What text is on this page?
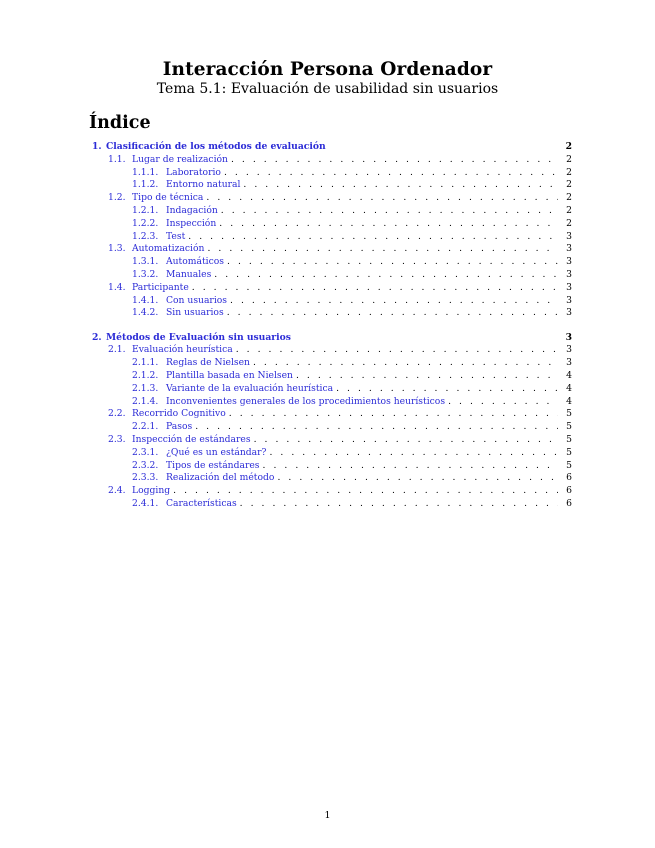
Interacción Persona Ordenador
Tema 5.1: Evaluación de usabilidad sin usuarios
Índice
1. Clasificación de los métodos de evaluación	2
1.1. Lugar de realización . . .	2
1.1.1. Laboratorio . . .	2
1.1.2. Entorno natural . . .	2
1.2. Tipo de técnica . . .	2
1.2.1. Indagación . . .	2
1.2.2. Inspección . . .	2
1.2.3. Test . . .	3
1.3. Automatización . . .	3
1.3.1. Automáticos . . .	3
1.3.2. Manuales . . .	3
1.4. Participante . . .	3
1.4.1. Con usuarios . . .	3
1.4.2. Sin usuarios . . .	3
2. Métodos de Evaluación sin usuarios	3
2.1. Evaluación heurística . . .	3
2.1.1. Reglas de Nielsen . . .	3
2.1.2. Plantilla basada en Nielsen . . .	4
2.1.3. Variante de la evaluación heurística . . .	4
2.1.4. Inconvenientes generales de los procedimientos heurísticos . . .	4
2.2. Recorrido Cognitivo . . .	5
2.2.1. Pasos . . .	5
2.3. Inspección de estándares . . .	5
2.3.1. ¿Qué es un estándar? . . .	5
2.3.2. Tipos de estándares . . .	5
2.3.3. Realización del método . . .	6
2.4. Logging . . .	6
2.4.1. Características . . .	6
1
